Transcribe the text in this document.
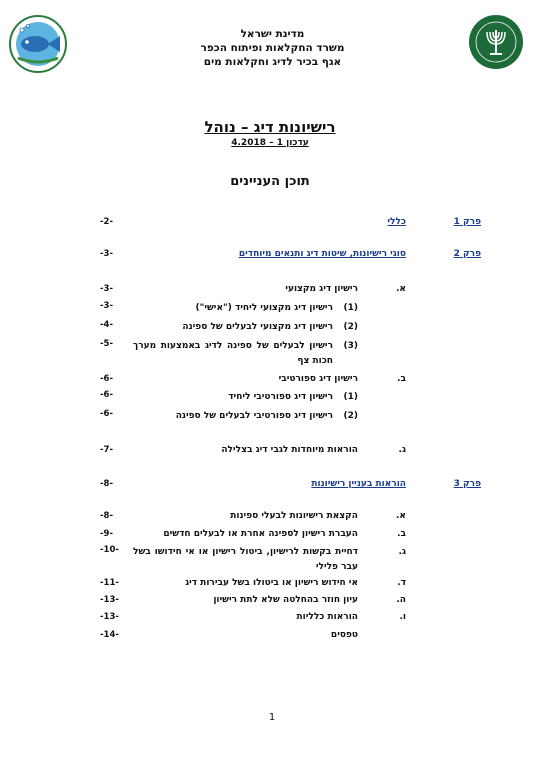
מדינת ישראל
משרד החקלאות ופיתוח הכפר
אגף בכיר לדיג וחקלאות מים
רישיונות דיג – נוהל
עדכון 1 – 4.2018
תוכן העניינים
פרק 1
כללי
-2-
פרק 2
סוגי רישיונות, שיטות דיג ותנאים מיוחדים
-3-
א.
רישיון דיג מקצועי
-3-
(1)
רישיון דיג מקצועי ליחיד ("אישי")
-3-
(2)
רישיון דיג מקצועי לבעלים של ספינה
-4-
(3)
רישיון לבעלים של ספינה לדיג באמצעות מערך חכות צף
-5-
ב.
רישיון דיג ספורטיבי
-6-
(1)
רישיון דיג ספורטיבי ליחיד
-6-
(2)
רישיון דיג ספורטיבי לבעלים של ספינה
-6-
ג.
הוראות מיוחדות לגבי דיג בצלילה
-7-
פרק 3
הוראות בעניין רישיונות
-8-
א.
הקצאת רישיונות לבעלי ספינות
-8-
ב.
העברת רישיון לספינה אחרת או לבעלים חדשים
-9-
ג.
דחיית בקשות לרישיון, ביטול רישיון או אי חידושו בשל עבר פלילי
-10-
ד.
אי חידוש רישיון או ביטולו בשל עבירות דיג
-11-
ה.
עיון חוזר בהחלטה שלא לתת רישיון
-13-
ו.
הוראות כלליות
-13-
טפסים
-14-
1
